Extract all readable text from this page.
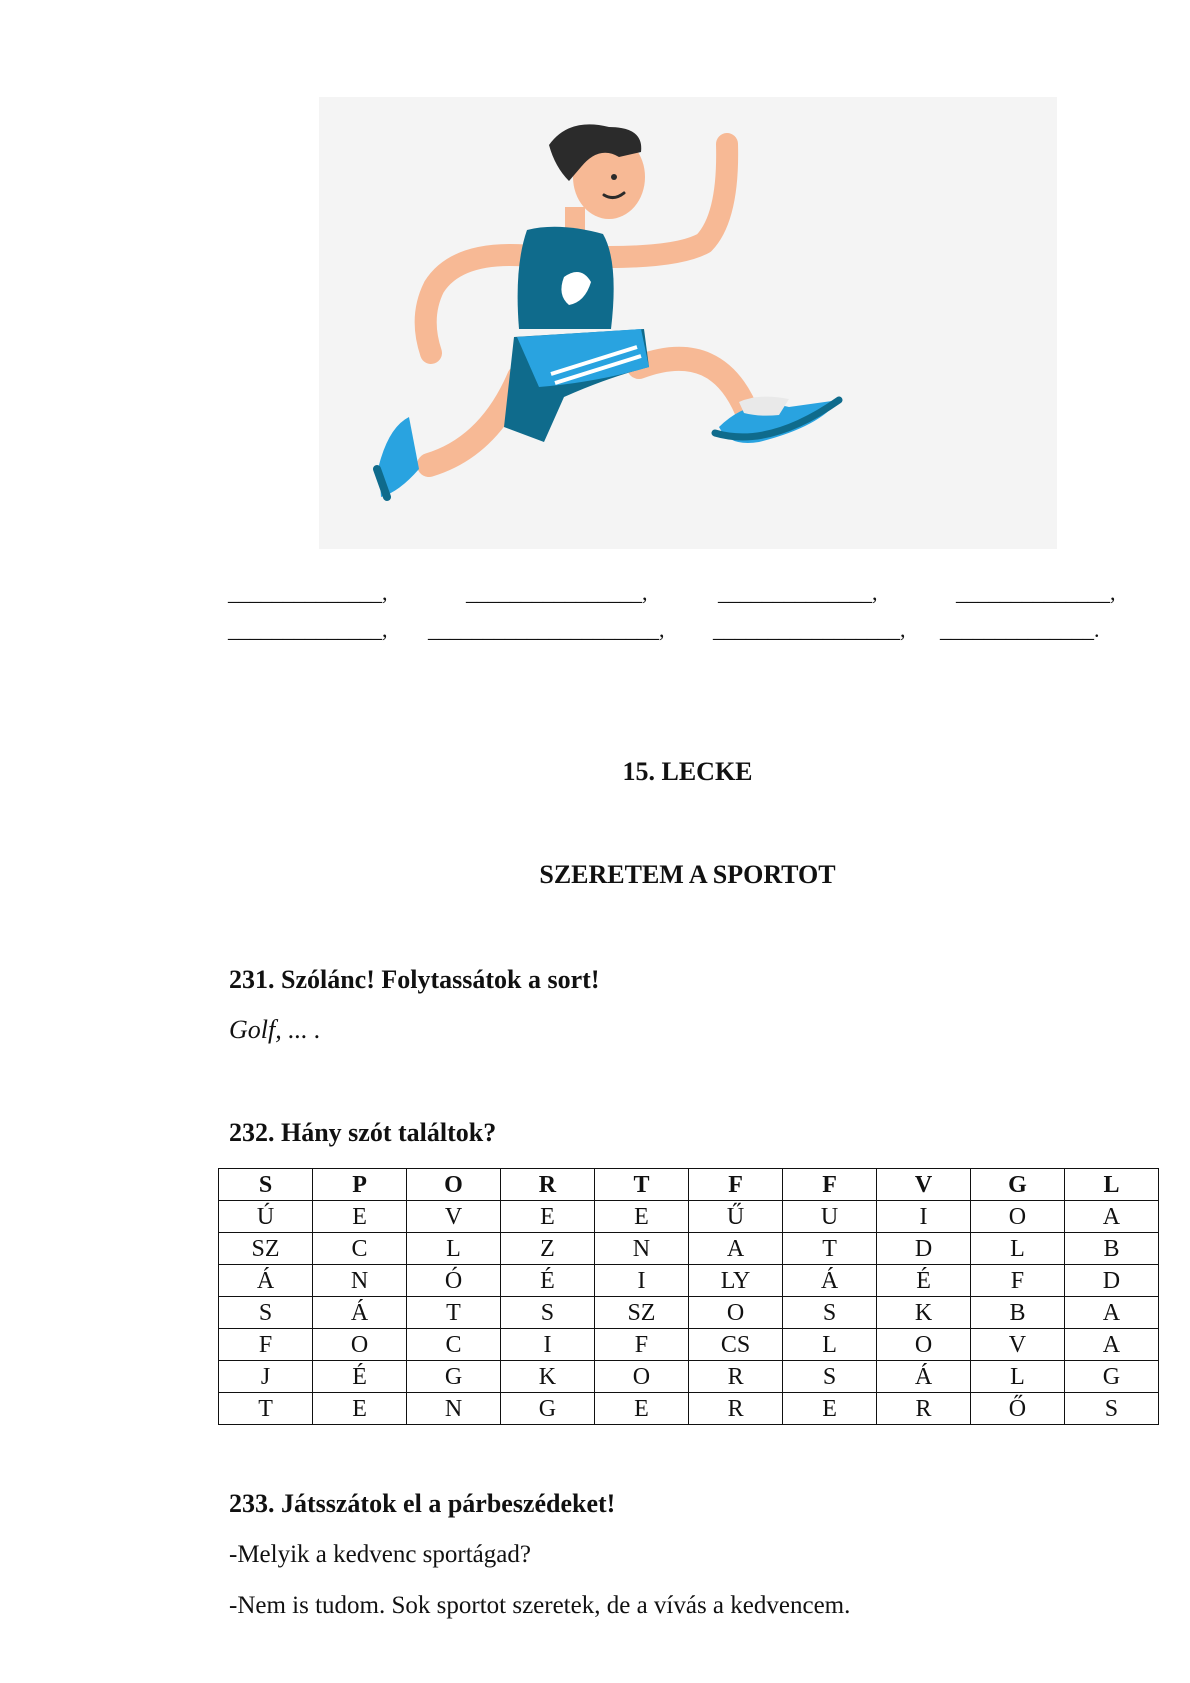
______________,	________________,	______________,	______________,
______________, _____________________, _________________, ______________.
15. LECKE
SZERETEM A SPORTOT
231. Szólánc! Folytassátok a sort!
Golf, ... .
232. Hány szót találtok?
S	P	O	R	T	F	F	V	G	L
Ú	E	V	E	E	Ű	U	I	O	A
SZ	C	L	Z	N	A	T	D	L	B
Á	N	Ó	É	I	LY	Á	É	F	D
S	Á	T	S	SZ	O	S	K	B	A
F	O	C	I	F	CS	L	O	V	A
J	É	G	K	O	R	S	Á	L	G
T	E	N	G	E	R	E	R	Ő	S
233. Játsszátok el a párbeszédeket!
-Melyik a kedvenc sportágad?
-Nem is tudom. Sok sportot szeretek, de a vívás a kedvencem.
